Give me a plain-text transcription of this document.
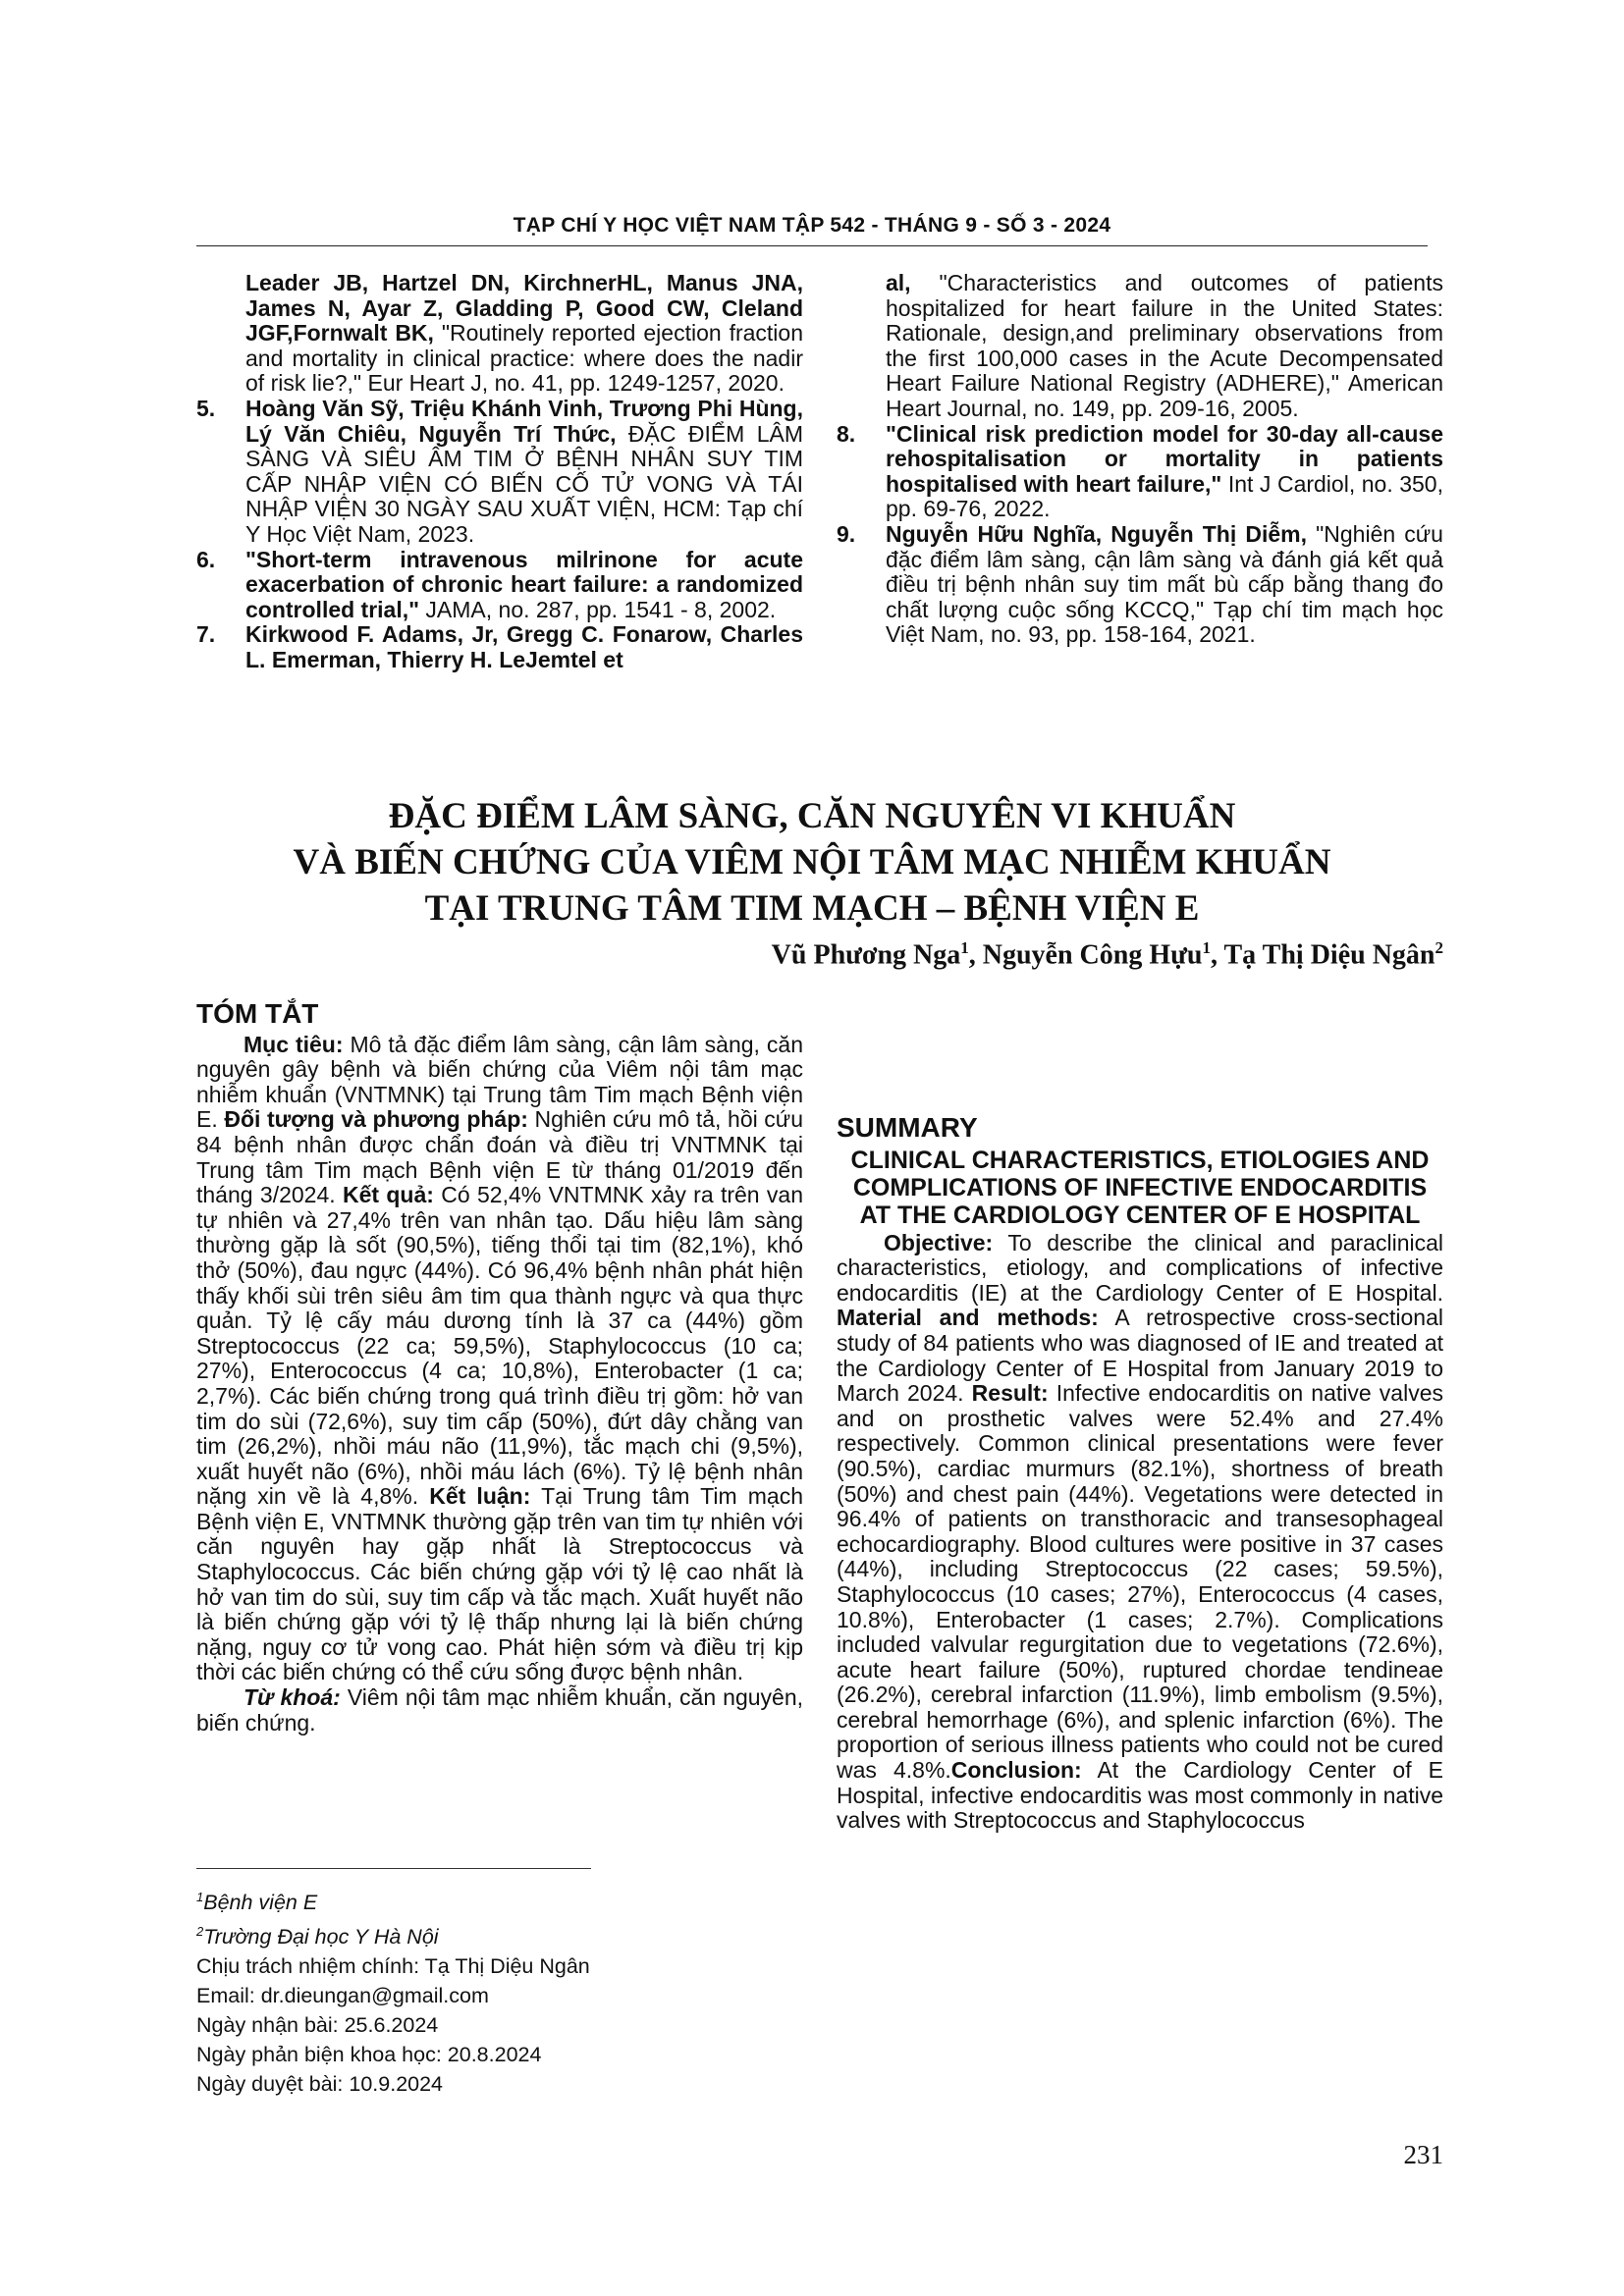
TẠP CHÍ Y HỌC VIỆT NAM TẬP 542 - THÁNG 9 - SỐ 3 - 2024

Leader JB, Hartzel DN, KirchnerHL, Manus JNA, James N, Ayar Z, Gladding P, Good CW, Cleland JGF,Fornwalt BK, "Routinely reported ejection fraction and mortality in clinical practice: where does the nadir of risk lie?," Eur Heart J, no. 41, pp. 1249-1257, 2020.

5. Hoàng Văn Sỹ, Triệu Khánh Vinh, Trương Phi Hùng, Lý Văn Chiêu, Nguyễn Trí Thức, ĐẶC ĐIỂM LÂM SÀNG VÀ SIÊU ÂM TIM Ở BỆNH NHÂN SUY TIM CẤP NHẬP VIỆN CÓ BIẾN CỐ TỬ VONG VÀ TÁI NHẬP VIỆN 30 NGÀY SAU XUẤT VIỆN, HCM: Tạp chí Y Học Việt Nam, 2023.

6. "Short-term intravenous milrinone for acute exacerbation of chronic heart failure: a randomized controlled trial," JAMA, no. 287, pp. 1541 - 8, 2002.

7. Kirkwood F. Adams, Jr, Gregg C. Fonarow, Charles L. Emerman, Thierry H. LeJemtel et

al, "Characteristics and outcomes of patients hospitalized for heart failure in the United States: Rationale, design,and preliminary observations from the first 100,000 cases in the Acute Decompensated Heart Failure National Registry (ADHERE)," American Heart Journal, no. 149, pp. 209-16, 2005.

8. "Clinical risk prediction model for 30-day all-cause rehospitalisation or mortality in patients hospitalised with heart failure," Int J Cardiol, no. 350, pp. 69-76, 2022.

9. Nguyễn Hữu Nghĩa, Nguyễn Thị Diễm, "Nghiên cứu đặc điểm lâm sàng, cận lâm sàng và đánh giá kết quả điều trị bệnh nhân suy tim mất bù cấp bằng thang đo chất lượng cuộc sống KCCQ," Tạp chí tim mạch học Việt Nam, no. 93, pp. 158-164, 2021.

ĐẶC ĐIỂM LÂM SÀNG, CĂN NGUYÊN VI KHUẨN
VÀ BIẾN CHỨNG CỦA VIÊM NỘI TÂM MẠC NHIỄM KHUẨN
TẠI TRUNG TÂM TIM MẠCH – BỆNH VIỆN E
Vũ Phương Nga$^1$, Nguyễn Công Hựu$^1$, Tạ Thị Diệu Ngân$^2$
TÓM TẮT

Mục tiêu: Mô tả đặc điểm lâm sàng, cận lâm sàng, căn nguyên gây bệnh và biến chứng của Viêm nội tâm mạc nhiễm khuẩn (VNTMNK) tại Trung tâm Tim mạch Bệnh viện E. Đối tượng và phương pháp: Nghiên cứu mô tả, hồi cứu 84 bệnh nhân được chẩn đoán và điều trị VNTMNK tại Trung tâm Tim mạch Bệnh viện E từ tháng 01/2019 đến tháng 3/2024. Kết quả: Có 52,4% VNTMNK xảy ra trên van tự nhiên và 27,4% trên van nhân tạo. Dấu hiệu lâm sàng thường gặp là sốt (90,5%), tiếng thổi tại tim (82,1%), khó thở (50%), đau ngực (44%). Có 96,4% bệnh nhân phát hiện thấy khối sùi trên siêu âm tim qua thành ngực và qua thực quản. Tỷ lệ cấy máu dương tính là 37 ca (44%) gồm Streptococcus (22 ca; 59,5%), Staphylococcus (10 ca; 27%), Enterococcus (4 ca; 10,8%), Enterobacter (1 ca; 2,7%). Các biến chứng trong quá trình điều trị gồm: hở van tim do sùi (72,6%), suy tim cấp (50%), đứt dây chằng van tim (26,2%), nhồi máu não (11,9%), tắc mạch chi (9,5%), xuất huyết não (6%), nhồi máu lách (6%). Tỷ lệ bệnh nhân nặng xin về là 4,8%. Kết luận: Tại Trung tâm Tim mạch Bệnh viện E, VNTMNK thường gặp trên van tim tự nhiên với căn nguyên hay gặp nhất là Streptococcus và Staphylococcus. Các biến chứng gặp với tỷ lệ cao nhất là hở van tim do sùi, suy tim cấp và tắc mạch. Xuất huyết não là biến chứng gặp với tỷ lệ thấp nhưng lại là biến chứng nặng, nguy cơ tử vong cao. Phát hiện sớm và điều trị kịp thời các biến chứng có thể cứu sống được bệnh nhân.

Từ khoá: Viêm nội tâm mạc nhiễm khuẩn, căn nguyên, biến chứng.

SUMMARY
CLINICAL CHARACTERISTICS, ETIOLOGIES AND COMPLICATIONS OF INFECTIVE ENDOCARDITIS AT THE CARDIOLOGY CENTER OF E HOSPITAL

Objective: To describe the clinical and paraclinical characteristics, etiology, and complications of infective endocarditis (IE) at the Cardiology Center of E Hospital. Material and methods: A retrospective cross-sectional study of 84 patients who was diagnosed of IE and treated at the Cardiology Center of E Hospital from January 2019 to March 2024. Result: Infective endocarditis on native valves and on prosthetic valves were 52.4% and 27.4% respectively. Common clinical presentations were fever (90.5%), cardiac murmurs (82.1%), shortness of breath (50%) and chest pain (44%). Vegetations were detected in 96.4% of patients on transthoracic and transesophageal echocardiography. Blood cultures were positive in 37 cases (44%), including Streptococcus (22 cases; 59.5%), Staphylococcus (10 cases; 27%), Enterococcus (4 cases, 10.8%), Enterobacter (1 cases; 2.7%). Complications included valvular regurgitation due to vegetations (72.6%), acute heart failure (50%), ruptured chordae tendineae (26.2%), cerebral infarction (11.9%), limb embolism (9.5%), cerebral hemorrhage (6%), and splenic infarction (6%). The proportion of serious illness patients who could not be cured was 4.8%.Conclusion: At the Cardiology Center of E Hospital, infective endocarditis was most commonly in native valves with Streptococcus and Staphylococcus

$^1$Bệnh viện E
$^2$Trường Đại học Y Hà Nội
Chịu trách nhiệm chính: Tạ Thị Diệu Ngân
Email: dr.dieungan@gmail.com
Ngày nhận bài: 25.6.2024
Ngày phản biện khoa học: 20.8.2024
Ngày duyệt bài: 10.9.2024
231
